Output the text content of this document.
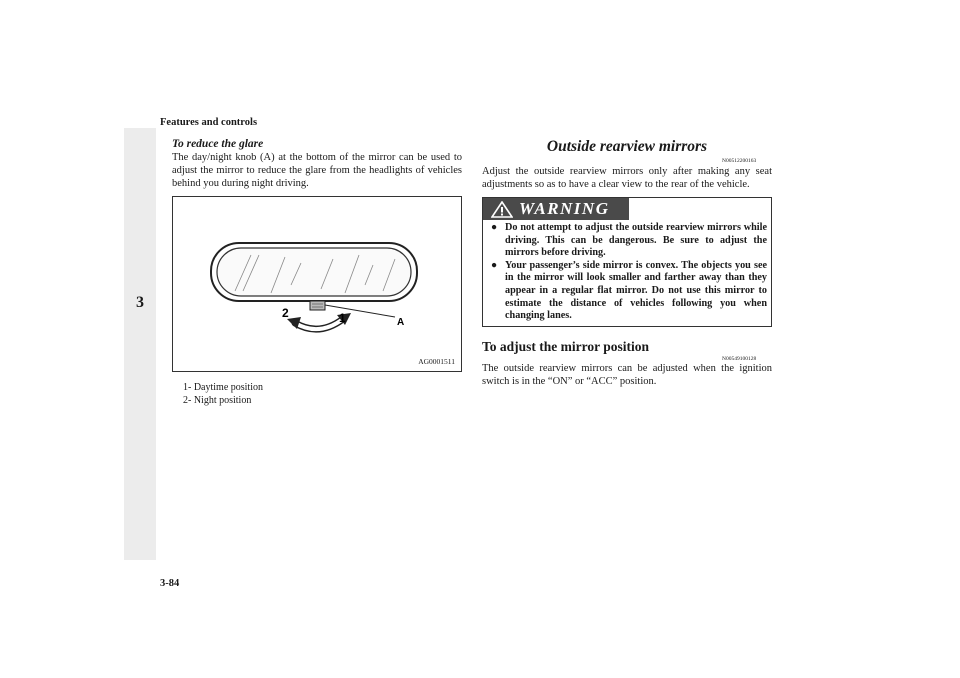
Features and controls
3
3-84

To reduce the glare

The day/night knob (A) at the bottom of the mirror can be used to adjust the mirror to reduce the glare from the headlights of vehicles behind you during night driving.

2	1	A
AG0001511
1- Daytime position
2- Night position
Outside rearview mirrors
N00512200163
Adjust the outside rearview mirrors only after making any seat adjustments so as to have a clear view to the rear of the vehicle.
WARNING
● Do not attempt to adjust the outside rearview mirrors while driving. This can be dangerous. Be sure to adjust the mirrors before driving.
● Your passenger’s side mirror is convex. The objects you see in the mirror will look smaller and farther away than they appear in a regular flat mirror. Do not use this mirror to estimate the distance of vehicles following you when changing lanes.
To adjust the mirror position
N00549100128
The outside rearview mirrors can be adjusted when the ignition switch is in the “ON” or “ACC” position.
